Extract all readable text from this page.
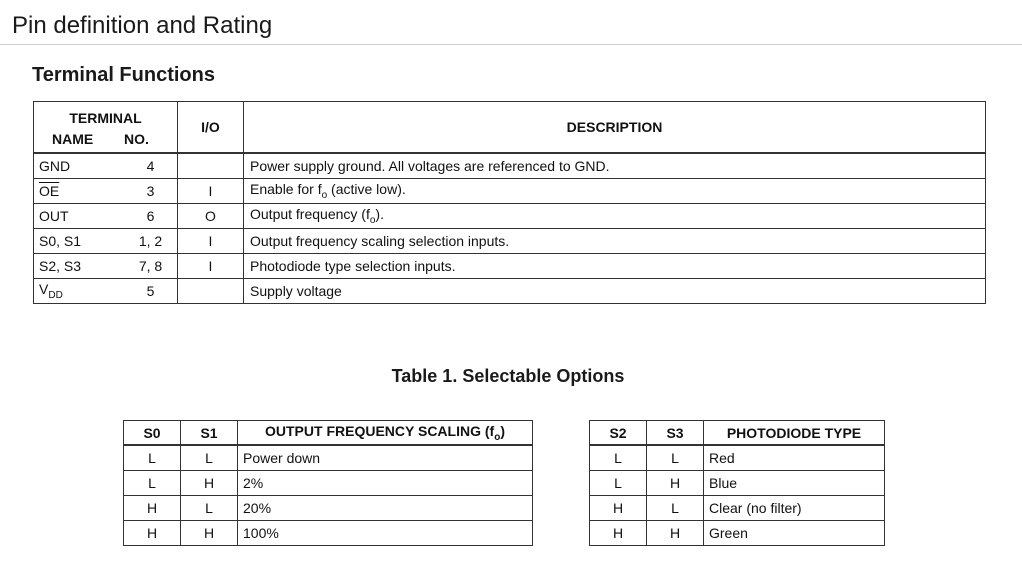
Pin definition and Rating
Terminal Functions
TERMINAL		I/O	DESCRIPTION
NAME	NO.		
GND	4		Power supply ground. All voltages are referenced to GND.
$\overline{OE}$	3	I	Enable for $f_o$ (active low).
OUT	6	O	Output frequency $(f_o)$.
S0, S1	1, 2	I	Output frequency scaling selection inputs.
S2, S3	7, 8	I	Photodiode type selection inputs.
$V_{DD}$	5		Supply voltage
Table 1. Selectable Options
S0	S1	OUTPUT FREQUENCY SCALING $(f_o)$
L	L	Power down
L	H	2%
H	L	20%
H	H	100%
S2	S3	PHOTODIODE TYPE
L	L	Red
L	H	Blue
H	L	Clear (no filter)
H	H	Green
